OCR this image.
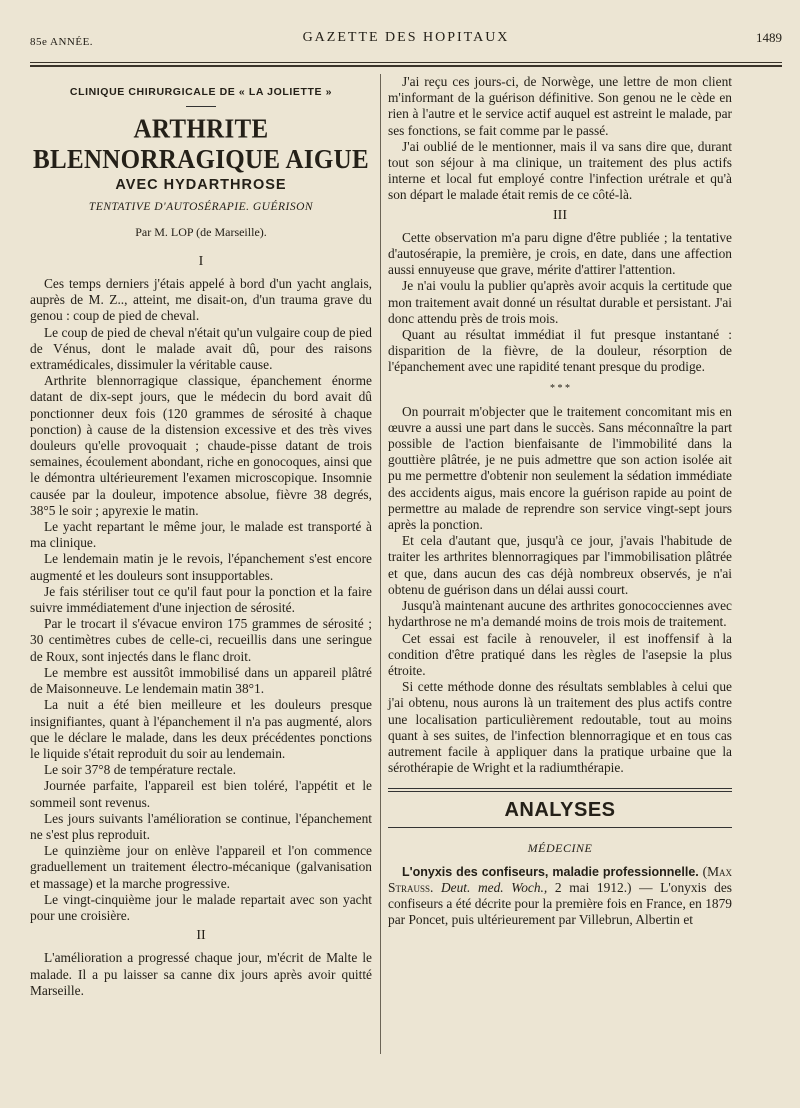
85e ANNÉE.	GAZETTE DES HOPITAUX	1489
CLINIQUE CHIRURGICALE DE « LA JOLIETTE »
ARTHRITE BLENNORRAGIQUE AIGUE
AVEC HYDARTHROSE
TENTATIVE D'AUTOSÉRAPIE. GUÉRISON
Par M. LOP (de Marseille).
I

Ces temps derniers j'étais appelé à bord d'un yacht anglais, auprès de M. Z.., atteint, me disait-on, d'un trauma grave du genou : coup de pied de cheval.

Le coup de pied de cheval n'était qu'un vulgaire coup de pied de Vénus, dont le malade avait dû, pour des raisons extramédicales, dissimuler la véritable cause.

Arthrite blennorragique classique, épanchement énorme datant de dix-sept jours, que le médecin du bord avait dû ponctionner deux fois (120 grammes de sérosité à chaque ponction) à cause de la distension excessive et des très vives douleurs qu'elle provoquait ; chaude-pisse datant de trois semaines, écoulement abondant, riche en gonocoques, ainsi que le démontra ultérieurement l'examen microscopique. Insomnie causée par la douleur, impotence absolue, fièvre 38 degrés, 38°5 le soir ; apyrexie le matin.

Le yacht repartant le même jour, le malade est transporté à ma clinique.

Le lendemain matin je le revois, l'épanchement s'est encore augmenté et les douleurs sont insupportables.

Je fais stériliser tout ce qu'il faut pour la ponction et la faire suivre immédiatement d'une injection de sérosité.

Par le trocart il s'évacue environ 175 grammes de sérosité ; 30 centimètres cubes de celle-ci, recueillis dans une seringue de Roux, sont injectés dans le flanc droit.

Le membre est aussitôt immobilisé dans un appareil plâtré de Maisonneuve. Le lendemain matin 38°1.

La nuit a été bien meilleure et les douleurs presque insignifiantes, quant à l'épanchement il n'a pas augmenté, alors que le déclare le malade, dans les deux précédentes ponctions le liquide s'était reproduit du soir au lendemain.

Le soir 37°8 de température rectale.

Journée parfaite, l'appareil est bien toléré, l'appétit et le sommeil sont revenus.

Les jours suivants l'amélioration se continue, l'épanchement ne s'est plus reproduit.

Le quinzième jour on enlève l'appareil et l'on commence graduellement un traitement électro-mécanique (galvanisation et massage) et la marche progressive.

Le vingt-cinquième jour le malade repartait avec son yacht pour une croisière.

II

L'amélioration a progressé chaque jour, m'écrit de Malte le malade. Il a pu laisser sa canne dix jours après avoir quitté Marseille.

J'ai reçu ces jours-ci, de Norwège, une lettre de mon client m'informant de la guérison définitive. Son genou ne le cède en rien à l'autre et le service actif auquel est astreint le malade, par ses fonctions, se fait comme par le passé.

J'ai oublié de le mentionner, mais il va sans dire que, durant tout son séjour à ma clinique, un traitement des plus actifs interne et local fut employé contre l'infection urétrale et qu'à son départ le malade était remis de ce côté-là.

III

Cette observation m'a paru digne d'être publiée ; la tentative d'autosérapie, la première, je crois, en date, dans une affection aussi ennuyeuse que grave, mérite d'attirer l'attention.

Je n'ai voulu la publier qu'après avoir acquis la certitude que mon traitement avait donné un résultat durable et persistant. J'ai donc attendu près de trois mois.

Quant au résultat immédiat il fut presque instantané : disparition de la fièvre, de la douleur, résorption de l'épanchement avec une rapidité tenant presque du prodige.

* * *

On pourrait m'objecter que le traitement concomitant mis en œuvre a aussi une part dans le succès. Sans méconnaître la part possible de l'action bienfaisante de l'immobilité dans la gouttière plâtrée, je ne puis admettre que son action isolée ait pu me permettre d'obtenir non seulement la sédation immédiate des accidents aigus, mais encore la guérison rapide au point de permettre au malade de reprendre son service vingt-sept jours après la ponction.

Et cela d'autant que, jusqu'à ce jour, j'avais l'habitude de traiter les arthrites blennorragiques par l'immobilisation plâtrée et que, dans aucun des cas déjà nombreux observés, je n'ai obtenu de guérison dans un délai aussi court.

Jusqu'à maintenant aucune des arthrites gonococciennes avec hydarthrose ne m'a demandé moins de trois mois de traitement.

Cet essai est facile à renouveler, il est inoffensif à la condition d'être pratiqué dans les règles de l'asepsie la plus étroite.

Si cette méthode donne des résultats semblables à celui que j'ai obtenu, nous aurons là un traitement des plus actifs contre une localisation particulièrement redoutable, tout au moins quant à ses suites, de l'infection blennorragique et en tous cas autrement facile à appliquer dans la pratique urbaine que la sérothérapie de Wright et la radiumthérapie.

ANALYSES
MÉDECINE

L'onyxis des confiseurs, maladie professionnelle. (Max Strauss. Deut. med. Woch., 2 mai 1912.) — L'onyxis des confiseurs a été décrite pour la première fois en France, en 1879 par Poncet, puis ultérieurement par Villebrun, Albertin et
